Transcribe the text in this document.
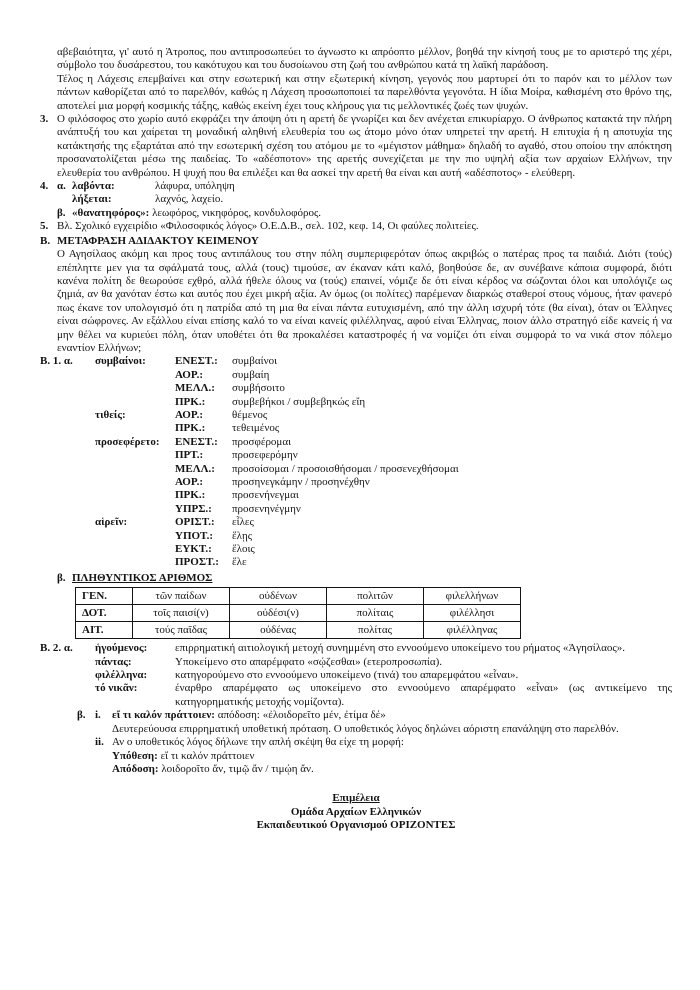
αβεβαιότητα, γι' αυτό η Άτροπος, που αντιπροσωπεύει το άγνωστο κι απρόοπτο μέλλον, βοηθά την κίνησή τους με το αριστερό της χέρι, σύμβολο του δυσάρεστου, του κακότυχου και του δυσοίωνου στη ζωή του ανθρώπου κατά τη λαϊκή παράδοση.
Τέλος η Λάχεσις επεμβαίνει και στην εσωτερική και στην εξωτερική κίνηση, γεγονός που μαρτυρεί ότι το παρόν και το μέλλον των πάντων καθορίζεται από το παρελθόν, καθώς η Λάχεση προσωποποιεί τα παρελθόντα γεγονότα. Η ίδια Μοίρα, καθισμένη στο θρόνο της, αποτελεί μια μορφή κοσμικής τάξης, καθώς εκείνη έχει τους κλήρους για τις μελλοντικές ζωές των ψυχών.
3. Ο φιλόσοφος στο χωρίο αυτό εκφράζει την άποψη ότι η αρετή δε γνωρίζει και δεν ανέχεται επικυρίαρχο. Ο άνθρωπος κατακτά την πλήρη ανάπτυξή του και χαίρεται τη μοναδική αληθινή ελευθερία του ως άτομο μόνο όταν υπηρετεί την αρετή. Η επιτυχία ή η αποτυχία της κατάκτησής της εξαρτάται από την εσωτερική σχέση του ατόμου με το «μέγιστον μάθημα» δηλαδή το αγαθό, στου οποίου την απόκτηση προσανατολίζεται μέσω της παιδείας. Το «αδέσποτον» της αρετής συνεχίζεται με την πιο υψηλή αξία των αρχαίων Ελλήνων, την ελευθερία του ανθρώπου. Η ψυχή που θα επιλέξει και θα ασκεί την αρετή θα είναι και αυτή «αδέσποτος» - ελεύθερη.
4. α. λαβόντα:	λάφυρα, υπόληψη
λήξεται:	λαχνός, λαχείο.
β. «θανατηφόρος»: λεωφόρος, νικηφόρος, κονδυλοφόρος.
5. Βλ. Σχολικό εγχειρίδιο «Φιλοσοφικός λόγος» Ο.Ε.Δ.Β., σελ. 102, κεφ. 14, Οι φαύλες πολιτείες.
Β. ΜΕΤΑΦΡΑΣΗ ΑΔΙΔΑΚΤΟΥ ΚΕΙΜΕΝΟΥ
Ο Αγησίλαος ακόμη και προς τους αντιπάλους του στην πόλη συμπεριφερόταν όπως ακριβώς ο πατέρας προς τα παιδιά. Διότι (τούς) επέπληττε μεν για τα σφάλματά τους, αλλά (τους) τιμούσε, αν έκαναν κάτι καλό, βοηθούσε δε, αν συνέβαινε κάποια συμφορά, διότι κανένα πολίτη δε θεωρούσε εχθρό, αλλά ήθελε όλους να (τούς) επαινεί, νόμιζε δε ότι είναι κέρδος να σώζονται όλοι και υπολόγιζε ως ζημιά, αν θα χανόταν έστω και αυτός που έχει μικρή αξία. Αν όμως (οι πολίτες) παρέμεναν διαρκώς σταθεροί στους νόμους, ήταν φανερό πως έκανε τον υπολογισμό ότι η πατρίδα από τη μια θα είναι πάντα ευτυχισμένη, από την άλλη ισχυρή τότε (θα είναι), όταν οι Έλληνες είναι σώφρονες. Αν εξάλλου είναι επίσης καλό το να είναι κανείς φιλέλληνας, αφού είναι Έλληνας, ποιον άλλο στρατηγό είδε κανείς ή να μην θέλει να κυριεύει πόλη, όταν υποθέτει ότι θα προκαλέσει καταστροφές ή να νομίζει ότι είναι συμφορά το να νικά στον πόλεμο εναντίον Ελλήνων;
Β. 1. α.	συμβαίνοι:	ΕΝΕΣΤ.:	συμβαίνοι
ΑΟΡ.:	συμβαίη
ΜΕΛΛ.:	συμβήσοιτο
ΠΡΚ.:	συμβεβήκοι / συμβεβηκώς εἴη
τιθείς:	ΑΟΡ.:	θέμενος
ΠΡΚ.:	τεθειμένος
προσεφέρετο:	ΕΝΕΣΤ.:	προσφέρομαι
ΠΡΤ.:	προσεφερόμην
ΜΕΛΛ.:	προσοίσομαι / προσοισθήσομαι / προσενεχθήσομαι
ΑΟΡ.:	προσηνεγκάμην / προσηνέχθην
ΠΡΚ.:	προσενήνεγμαι
ΥΠΡΣ.:	προσενηνέγμην
αἱρεῖν:	ΟΡΙΣΤ.:	εἷλες
ΥΠΟΤ.:	ἕλῃς
ΕΥΚΤ.:	ἕλοις
ΠΡΟΣΤ.:	ἕλε
β. ΠΛΗΘΥΝΤΙΚΟΣ ΑΡΙΘΜΟΣ
ΓΕΝ.	τῶν παίδων	οὐδένων	πολιτῶν	φιλελλήνων
ΔΟΤ.	τοῖς παισί(ν)	οὐδέσι(ν)	πολίταις	φιλέλλησι
ΑΙΤ.	τούς παῖδας	οὐδένας	πολίτας	φιλέλληνας
Β. 2. α.	ἡγούμενος:	επιρρηματική αιτιολογική μετοχή συνημμένη στο εννοούμενο υποκείμενο του ρήματος «Ἀγησίλαος».
πάντας:	Υποκείμενο στο απαρέμφατο «σῴζεσθαι» (ετεροπροσωπία).
φιλέλληνα:	κατηγορούμενο στο εννοούμενο υποκείμενο (τινά) του απαρεμφάτου «εἶναι».
τό νικᾶν:	έναρθρο απαρέμφατο ως υποκείμενο στο εννοούμενο απαρέμφατο «εἶναι» (ως αντικείμενο της κατηγορηματικής μετοχής νομίζοντα).
β. i.	εἴ τι καλόν πράττοιεν: απόδοση: «ἐλοιδορεῖτο μέν, ἐτίμα δέ»
Δευτερεύουσα επιρρηματική υποθετική πρόταση. Ο υποθετικός λόγος δηλώνει αόριστη επανάληψη στο παρελθόν.
ii. Αν ο υποθετικός λόγος δήλωνε την απλή σκέψη θα είχε τη μορφή:
Υπόθεση: εἴ τι καλόν πράττοιεν
Απόδοση: λοιδοροῖτο ἄν, τιμῷ ἄν / τιμῴη ἄν.
Επιμέλεια
Ομάδα Αρχαίων Ελληνικών
Εκπαιδευτικού Οργανισμού ΟΡΙΖΟΝΤΕΣ
